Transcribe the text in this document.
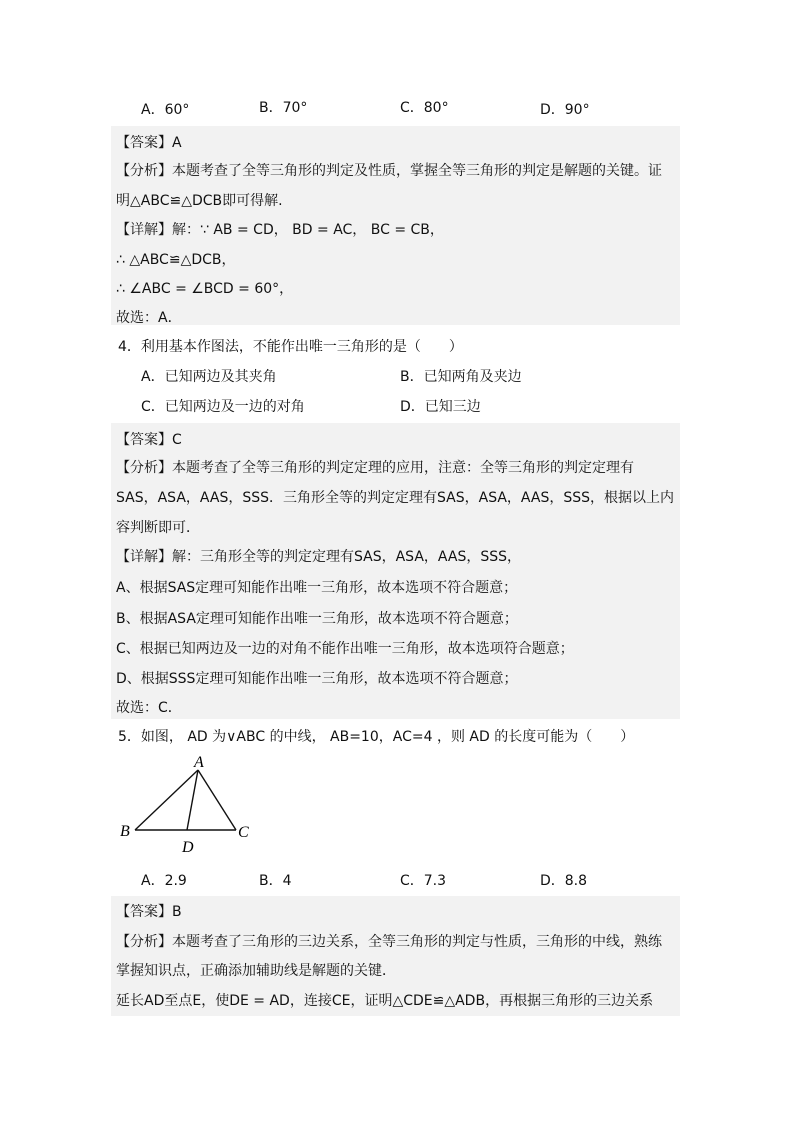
A．60°	B．70°	C．80°	D．90°
【答案】A
【分析】本题考查了全等三角形的判定及性质，掌握全等三角形的判定是解题的关键。证
明△ABC≌△DCB即可得解.
【详解】解：∵ AB = CD， BD = AC， BC = CB，
∴ △ABC≌△DCB，
∴ ∠ABC = ∠BCD = 60°，
故选：A．
4．利用基本作图法，不能作出唯一三角形的是（　　）
A．已知两边及其夹角	B．已知两角及夹边
C．已知两边及一边的对角	D．已知三边
【答案】C
【分析】本题考查了全等三角形的判定定理的应用，注意：全等三角形的判定定理有
SAS，ASA，AAS，SSS．三角形全等的判定定理有SAS，ASA，AAS，SSS，根据以上内
容判断即可．
【详解】解：三角形全等的判定定理有SAS，ASA，AAS，SSS，
A、根据SAS定理可知能作出唯一三角形，故本选项不符合题意；
B、根据ASA定理可知能作出唯一三角形，故本选项不符合题意；
C、根据已知两边及一边的对角不能作出唯一三角形，故本选项符合题意；
D、根据SSS定理可知能作出唯一三角形，故本选项不符合题意；
故选：C．
5．如图， AD 为∨ABC 的中线， AB=10，AC=4 ，则 AD 的长度可能为（　　）
A
B	C
D
A．2.9	B．4	C．7.3	D．8.8
【答案】B
【分析】本题考查了三角形的三边关系，全等三角形的判定与性质，三角形的中线，熟练
掌握知识点，正确添加辅助线是解题的关键．
延长AD至点E，使DE = AD，连接CE，证明△CDE≌△ADB，再根据三角形的三边关系
